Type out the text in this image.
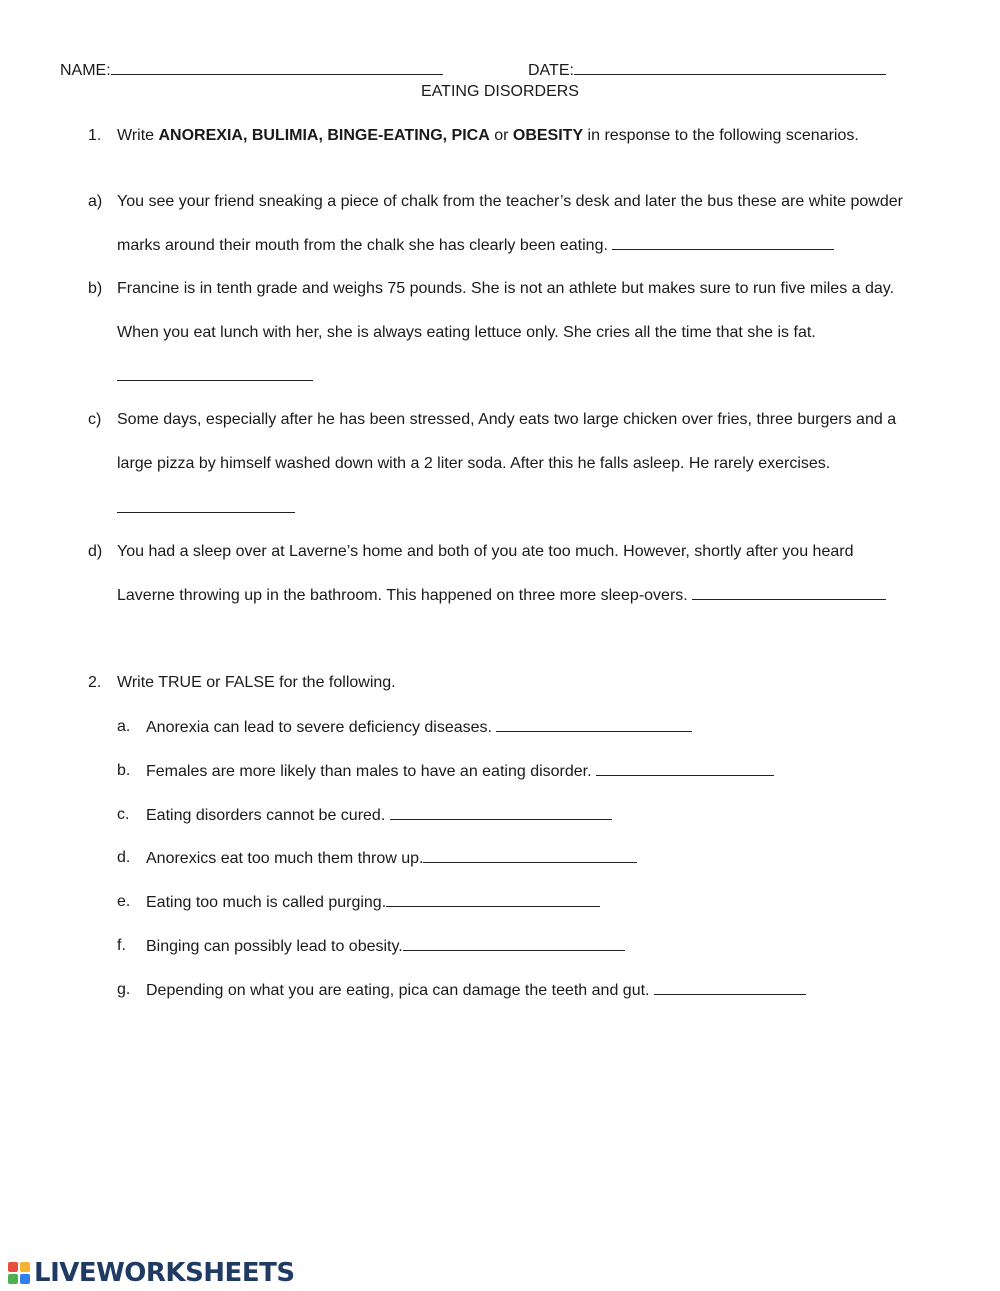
NAME:	DATE:
EATING DISORDERS
1. Write ANOREXIA, BULIMIA, BINGE-EATING, PICA or OBESITY in response to the following scenarios.
a) You see your friend sneaking a piece of chalk from the teacher’s desk and later the bus these are white powder
marks around their mouth from the chalk she has clearly been eating.
b) Francine is in tenth grade and weighs 75 pounds. She is not an athlete but makes sure to run five miles a day.
When you eat lunch with her, she is always eating lettuce only. She cries all the time that she is fat.
c) Some days, especially after he has been stressed, Andy eats two large chicken over fries, three burgers and a
large pizza by himself washed down with a 2 liter soda. After this he falls asleep. He rarely exercises.
d) You had a sleep over at Laverne’s home and both of you ate too much. However, shortly after you heard
Laverne throwing up in the bathroom. This happened on three more sleep-overs.
2. Write TRUE or FALSE for the following.
a. Anorexia can lead to severe deficiency diseases.
b. Females are more likely than males to have an eating disorder.
c. Eating disorders cannot be cured.
d. Anorexics eat too much them throw up.
e. Eating too much is called purging.
f. Binging can possibly lead to obesity.
g. Depending on what you are eating, pica can damage the teeth and gut.
LIVEWORKSHEETS
